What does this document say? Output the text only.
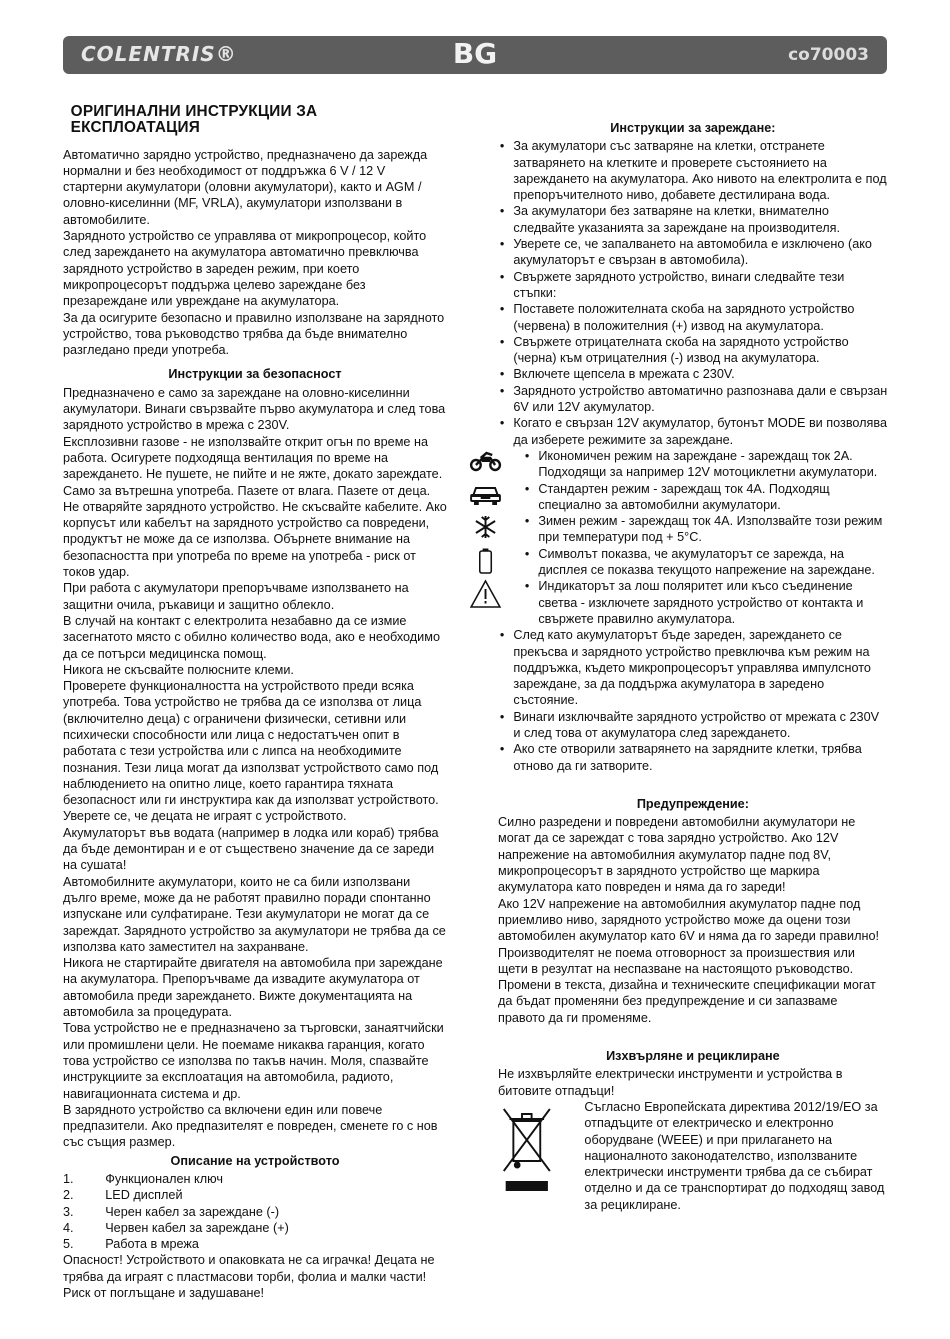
COLENTRIS®	BG	co70003
ОРИГИНАЛНИ ИНСТРУКЦИИ ЗА ЕКСПЛОАТАЦИЯ

Автоматично зарядно устройство, предназначено да зарежда нормални и без необходимост от поддръжка 6 V / 12 V стартерни акумулатори (оловни акумулатори), както и AGM / оловно-киселинни (MF, VRLA), акумулатори използвани в автомобилите.

Зарядното устройство се управлява от микропроцесор, който след зареждането на акумулатора автоматично превключва зарядното устройство в зареден режим, при което микропроцесорът поддържа целево зареждане без презареждане или увреждане на акумулатора.

За да осигурите безопасно и правилно използване на зарядното устройство, това ръководство трябва да бъде внимателно разгледано преди употреба.

Инструкции за безопасност

Предназначено е само за зареждане на оловно-киселинни акумулатори. Винаги свързвайте първо акумулатора и след това зарядното устройство в мрежа с 230V.

Експлозивни газове - не използвайте открит огън по време на работа. Осигурете подходяща вентилация по време на зареждането. Не пушете, не пийте и не яжте, докато зареждате. Само за вътрешна употреба. Пазете от влага. Пазете от деца. Не отваряйте зарядното устройство. Не скъсвайте кабелите. Ако корпусът или кабелът на зарядното устройство са повредени, продуктът не може да се използва. Обърнете внимание на безопасността при употреба по време на употреба - риск от токов удар.

При работа с акумулатори препоръчваме използването на защитни очила, ръкавици и защитно облекло.

В случай на контакт с електролита незабавно да се измие засегнатото място с обилно количество вода, ако е необходимо да се потърси медицинска помощ.

Никога не скъсвайте полюсните клеми.

Проверете функционалността на устройството преди всяка употреба. Това устройство не трябва да се използва от лица (включително деца) с ограничени физически, сетивни или психически способности или лица с недостатъчен опит в работата с тези устройства или с липса на необходимите познания. Тези лица могат да използват устройството само под наблюдението на опитно лице, което гарантира тяхната безопасност или ги инструктира как да използват устройството. Уверете се, че децата не играят с устройството.

Акумулаторът във водата (например в лодка или кораб) трябва да бъде демонтиран и е от съществено значение да се зареди на сушата!

Автомобилните акумулатори, които не са били използвани дълго време, може да не работят правилно поради спонтанно изпускане или сулфатиране. Тези акумулатори не могат да се зареждат. Зарядното устройство за акумулатори не трябва да се използва като заместител на захранване.

Никога не стартирайте двигателя на автомобила при зареждане на акумулатора. Препоръчваме да извадите акумулатора от автомобила преди зареждането. Вижте документацията на автомобила за процедурата.

Това устройство не е предназначено за търговски, занаятчийски или промишлени цели. Не поемаме никаква гаранция, когато това устройство се използва по такъв начин. Моля, спазвайте инструкциите за експлоатация на автомобила, радиото, навигационната система и др.

В зарядното устройство са включени един или повече предпазители. Ако предпазителят е повреден, сменете го с нов със същия размер.

Описание на устройството
1. Функционален ключ
2. LED дисплей
3. Черен кабел за зареждане (-)
4. Червен кабел за зареждане (+)
5. Работа в мрежа

Опасност! Устройството и опаковката не са играчка! Децата не трябва да играят с пластмасови торби, фолиа и малки части! Риск от поглъщане и задушаване!

Инструкции за зареждане:
• За акумулатори със затваряне на клетки, отстранете затварянето на клетките и проверете състоянието на зареждането на акумулатора. Ако нивото на електролита е под препоръчителното ниво, добавете дестилирана вода.
• За акумулатори без затваряне на клетки, внимателно следвайте указанията за зареждане на производителя.
• Уверете се, че запалването на автомобила е изключено (ако акумулаторът е свързан в автомобила).
• Свържете зарядното устройство, винаги следвайте тези стъпки:
• Поставете положителната скоба на зарядното устройство (червена) в положителния (+) извод на акумулатора.
• Свържете отрицателната скоба на зарядното устройство (черна) към отрицателния (-) извод на акумулатора.
• Включете щепсела в мрежата с 230V.
• Зарядното устройство автоматично разпознава дали е свързан 6V или 12V акумулатор.
• Когато е свързан 12V акумулатор, бутонът MODE ви позволява да изберете режимите за зареждане.
• Икономичен режим на зареждане - зареждащ ток 2A. Подходящи за например 12V мотоциклетни акумулатори.
• Стандартен режим - зареждащ ток 4A. Подходящ специално за автомобилни акумулатори.
• Зимен режим - зареждащ ток 4A. Използвайте този режим при температури под + 5°C.
• Символът показва, че акумулаторът се зарежда, на дисплея се показва текущото напрежение на зареждане.
• Индикаторът за лош поляритет или късо съединение светва - изключете зарядното устройство от контакта и свържете правилно акумулатора.
• След като акумулаторът бъде зареден, зареждането се прекъсва и зарядното устройство превключва към режим на поддръжка, където микропроцесорът управлява импулсното зареждане, за да поддържа акумулатора в заредено състояние.
• Винаги изключвайте зарядното устройство от мрежата с 230V и след това от акумулатора след зареждането.
• Ако сте отворили затварянето на зарядните клетки, трябва отново да ги затворите.
Предупреждение:

Силно разредени и повредени автомобилни акумулатори не могат да се зареждат с това зарядно устройство. Ако 12V напрежение на автомобилния акумулатор падне под 8V, микропроцесорът в зарядното устройство ще маркира акумулатора като повреден и няма да го зареди!

Ако 12V напрежение на автомобилния акумулатор падне под приемливо ниво, зарядното устройство може да оцени този автомобилен акумулатор като 6V и няма да го зареди правилно!

Производителят не поема отговорност за произшествия или щети в резултат на неспазване на настоящото ръководство. Промени в текста, дизайна и техническите спецификации могат да бъдат променяни без предупреждение и си запазваме правото да ги променяме.

Изхвърляне и рециклиране

Не изхвърляйте електрически инструменти и устройства в битовите отпадъци!

Съгласно Европейската директива 2012/19/ЕО за отпадъците от електрическо и електронно оборудване (WEEE) и при прилагането на националното законодателство, използваните електрически инструменти трябва да се събират отделно и да се транспортират до подходящ завод за рециклиране.
